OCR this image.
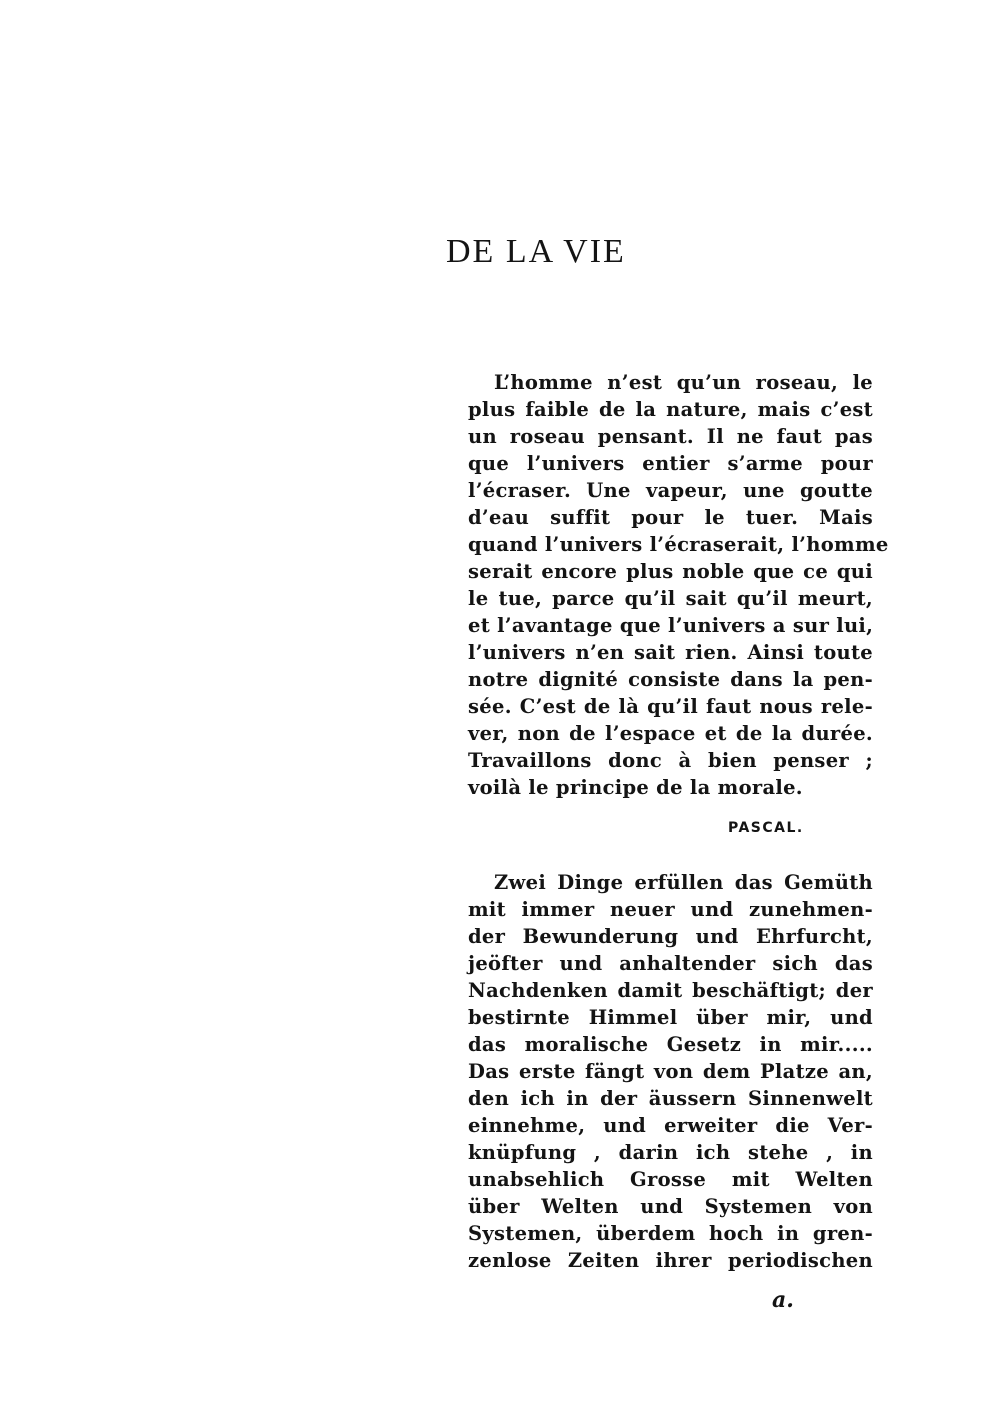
DE LA VIE
L’homme n’est qu’un roseau, le
plus faible de la nature, mais c’est
un roseau pensant. Il ne faut pas
que l’univers entier s’arme pour
l’écraser. Une vapeur, une goutte
d’eau suffit pour le tuer. Mais
quand l’univers l’écraserait, l’homme
serait encore plus noble que ce qui
le tue, parce qu’il sait qu’il meurt,
et l’avantage que l’univers a sur lui,
l’univers n’en sait rien. Ainsi toute
notre dignité consiste dans la pen-
sée. C’est de là qu’il faut nous rele-
ver, non de l’espace et de la durée.
Travaillons donc à bien penser ;
voilà le principe de la morale.
PASCAL.
Zwei Dinge erfüllen das Gemüth
mit immer neuer und zunehmen-
der Bewunderung und Ehrfurcht,
jeöfter und anhaltender sich das
Nachdenken damit beschäftigt; der
bestirnte Himmel über mir, und
das moralische Gesetz in mir.....
Das erste fängt von dem Platze an,
den ich in der äussern Sinnenwelt
einnehme, und erweiter die Ver-
knüpfung , darin ich stehe , in
unabsehlich Grosse mit Welten
über Welten und Systemen von
Systemen, überdem hoch in gren-
zenlose Zeiten ihrer periodischen
a.
